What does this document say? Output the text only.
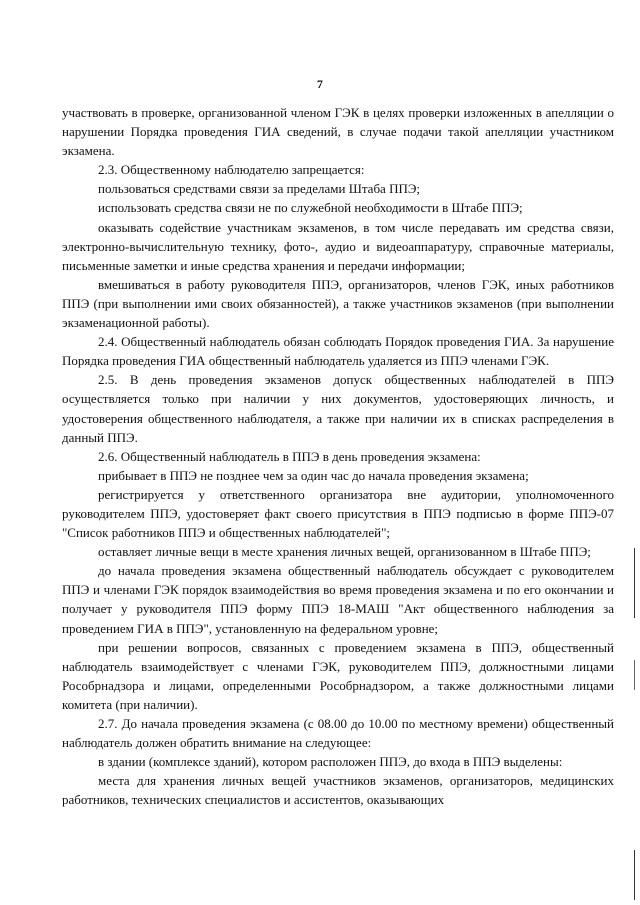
7

участвовать в проверке, организованной членом ГЭК в целях проверки изложенных в апелляции о нарушении Порядка проведения ГИА сведений, в случае подачи такой апелляции участником экзамена.

2.3. Общественному наблюдателю запрещается:

пользоваться средствами связи за пределами Штаба ППЭ;

использовать средства связи не по служебной необходимости в Штабе ППЭ;

оказывать содействие участникам экзаменов, в том числе передавать им средства связи, электронно-вычислительную технику, фото-, аудио и видеоаппаратуру, справочные материалы, письменные заметки и иные средства хранения и передачи информации;

вмешиваться в работу руководителя ППЭ, организаторов, членов ГЭК, иных работников ППЭ (при выполнении ими своих обязанностей), а также участников экзаменов (при выполнении экзаменационной работы).

2.4. Общественный наблюдатель обязан соблюдать Порядок проведения ГИА. За нарушение Порядка проведения ГИА общественный наблюдатель удаляется из ППЭ членами ГЭК.

2.5. В день проведения экзаменов допуск общественных наблюдателей в ППЭ осуществляется только при наличии у них документов, удостоверяющих личность, и удостоверения общественного наблюдателя, а также при наличии их в списках распределения в данный ППЭ.

2.6. Общественный наблюдатель в ППЭ в день проведения экзамена:

прибывает в ППЭ не позднее чем за один час до начала проведения экзамена;

регистрируется у ответственного организатора вне аудитории, уполномоченного руководителем ППЭ, удостоверяет факт своего присутствия в ППЭ подписью в форме ППЭ-07 "Список работников ППЭ и общественных наблюдателей";

оставляет личные вещи в месте хранения личных вещей, организованном в Штабе ППЭ;

до начала проведения экзамена общественный наблюдатель обсуждает с руководителем ППЭ и членами ГЭК порядок взаимодействия во время проведения экзамена и по его окончании и получает у руководителя ППЭ форму ППЭ 18-МАШ "Акт общественного наблюдения за проведением ГИА в ППЭ", установленную на федеральном уровне;

при решении вопросов, связанных с проведением экзамена в ППЭ, общественный наблюдатель взаимодействует с членами ГЭК, руководителем ППЭ, должностными лицами Рособрнадзора и лицами, определенными Рособрнадзором, а также должностными лицами комитета (при наличии).

2.7. До начала проведения экзамена (с 08.00 до 10.00 по местному времени) общественный наблюдатель должен обратить внимание на следующее:

в здании (комплексе зданий), котором расположен ППЭ, до входа в ППЭ выделены:

места для хранения личных вещей участников экзаменов, организаторов, медицинских работников, технических специалистов и ассистентов, оказывающих
